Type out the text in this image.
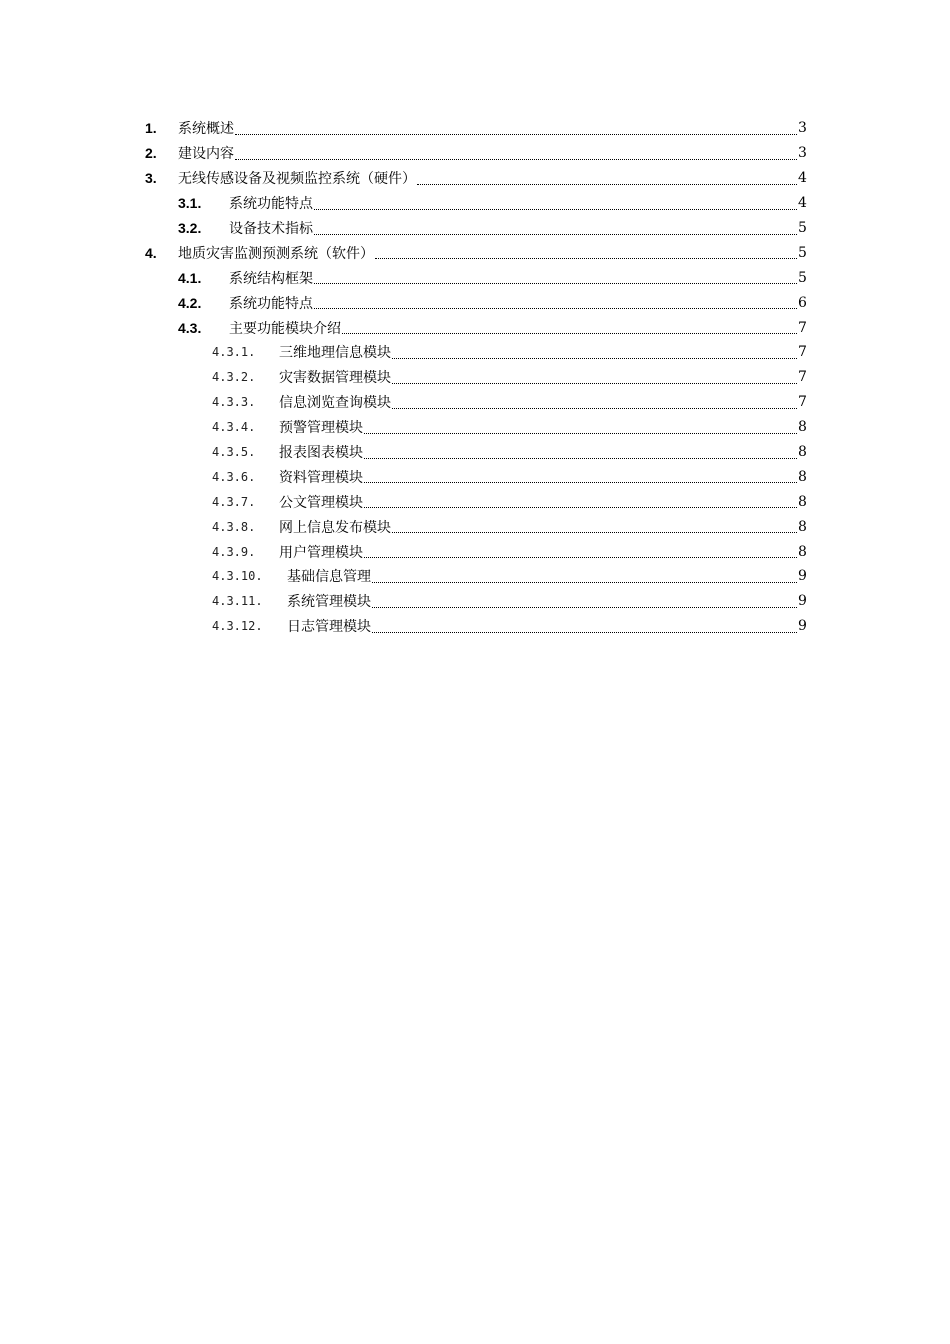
1.	系统概述	3
2.	建设内容	3
3.	无线传感设备及视频监控系统（硬件）	4
3.1.	系统功能特点	4
3.2.	设备技术指标	5
4.	地质灾害监测预测系统（软件）	5
4.1.	系统结构框架	5
4.2.	系统功能特点	6
4.3.	主要功能模块介绍	7
4.3.1.	三维地理信息模块	7
4.3.2.	灾害数据管理模块	7
4.3.3.	信息浏览查询模块	7
4.3.4.	预警管理模块	8
4.3.5.	报表图表模块	8
4.3.6.	资料管理模块	8
4.3.7.	公文管理模块	8
4.3.8.	网上信息发布模块	8
4.3.9.	用户管理模块	8
4.3.10.	基础信息管理	9
4.3.11.	系统管理模块	9
4.3.12.	日志管理模块	9
